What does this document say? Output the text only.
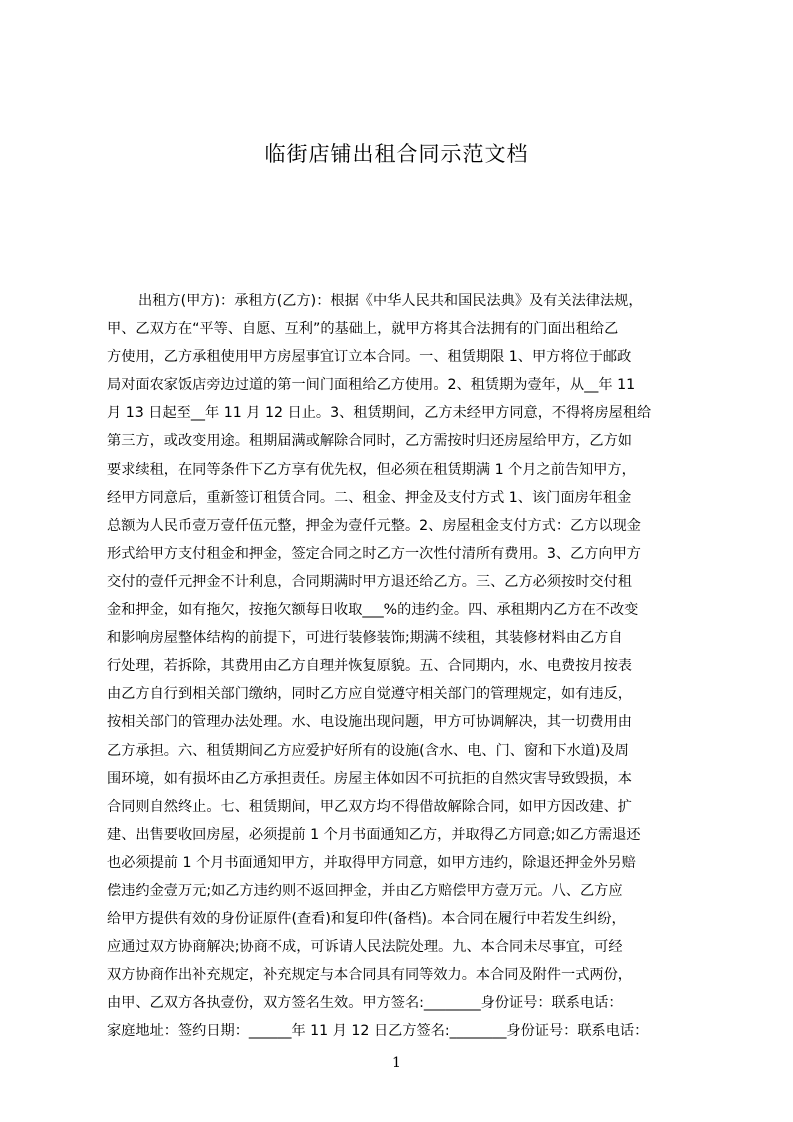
临街店铺出租合同示范文档
出租方(甲方)：承租方(乙方)：根据《中华人民共和国民法典》及有关法律法规，
甲、乙双方在“平等、自愿、互利”的基础上，就甲方将其合法拥有的门面出租给乙
方使用，乙方承租使用甲方房屋事宜订立本合同。一、租赁期限 1、甲方将位于邮政
局对面农家饭店旁边过道的第一间门面租给乙方使用。2、租赁期为壹年，从__年 11
月 13 日起至__年 11 月 12 日止。3、租赁期间，乙方未经甲方同意，不得将房屋租给
第三方，或改变用途。租期届满或解除合同时，乙方需按时归还房屋给甲方，乙方如
要求续租，在同等条件下乙方享有优先权，但必须在租赁期满 1 个月之前告知甲方，
经甲方同意后，重新签订租赁合同。二、租金、押金及支付方式 1、该门面房年租金
总额为人民币壹万壹仟伍元整，押金为壹仟元整。2、房屋租金支付方式：乙方以现金
形式给甲方支付租金和押金，签定合同之时乙方一次性付清所有费用。3、乙方向甲方
交付的壹仟元押金不计利息，合同期满时甲方退还给乙方。三、乙方必须按时交付租
金和押金，如有拖欠，按拖欠额每日收取___%的违约金。四、承租期内乙方在不改变
和影响房屋整体结构的前提下，可进行装修装饰;期满不续租，其装修材料由乙方自
行处理，若拆除，其费用由乙方自理并恢复原貌。五、合同期内，水、电费按月按表
由乙方自行到相关部门缴纳，同时乙方应自觉遵守相关部门的管理规定，如有违反，
按相关部门的管理办法处理。水、电设施出现问题，甲方可协调解决，其一切费用由
乙方承担。六、租赁期间乙方应爱护好所有的设施(含水、电、门、窗和下水道)及周
围环境，如有损坏由乙方承担责任。房屋主体如因不可抗拒的自然灾害导致毁损，本
合同则自然终止。七、租赁期间，甲乙双方均不得借故解除合同，如甲方因改建、扩
建、出售要收回房屋，必须提前 1 个月书面通知乙方，并取得乙方同意;如乙方需退还
也必须提前 1 个月书面通知甲方，并取得甲方同意，如甲方违约，除退还押金外另赔
偿违约金壹万元;如乙方违约则不返回押金，并由乙方赔偿甲方壹万元。八、乙方应
给甲方提供有效的身份证原件(查看)和复印件(备档)。本合同在履行中若发生纠纷，
应通过双方协商解决;协商不成，可诉请人民法院处理。九、本合同未尽事宜，可经
双方协商作出补充规定，补充规定与本合同具有同等效力。本合同及附件一式两份，
由甲、乙双方各执壹份，双方签名生效。甲方签名:________身份证号：联系电话：
家庭地址：签约日期：______年 11 月 12 日乙方签名:________身份证号：联系电话：
1
